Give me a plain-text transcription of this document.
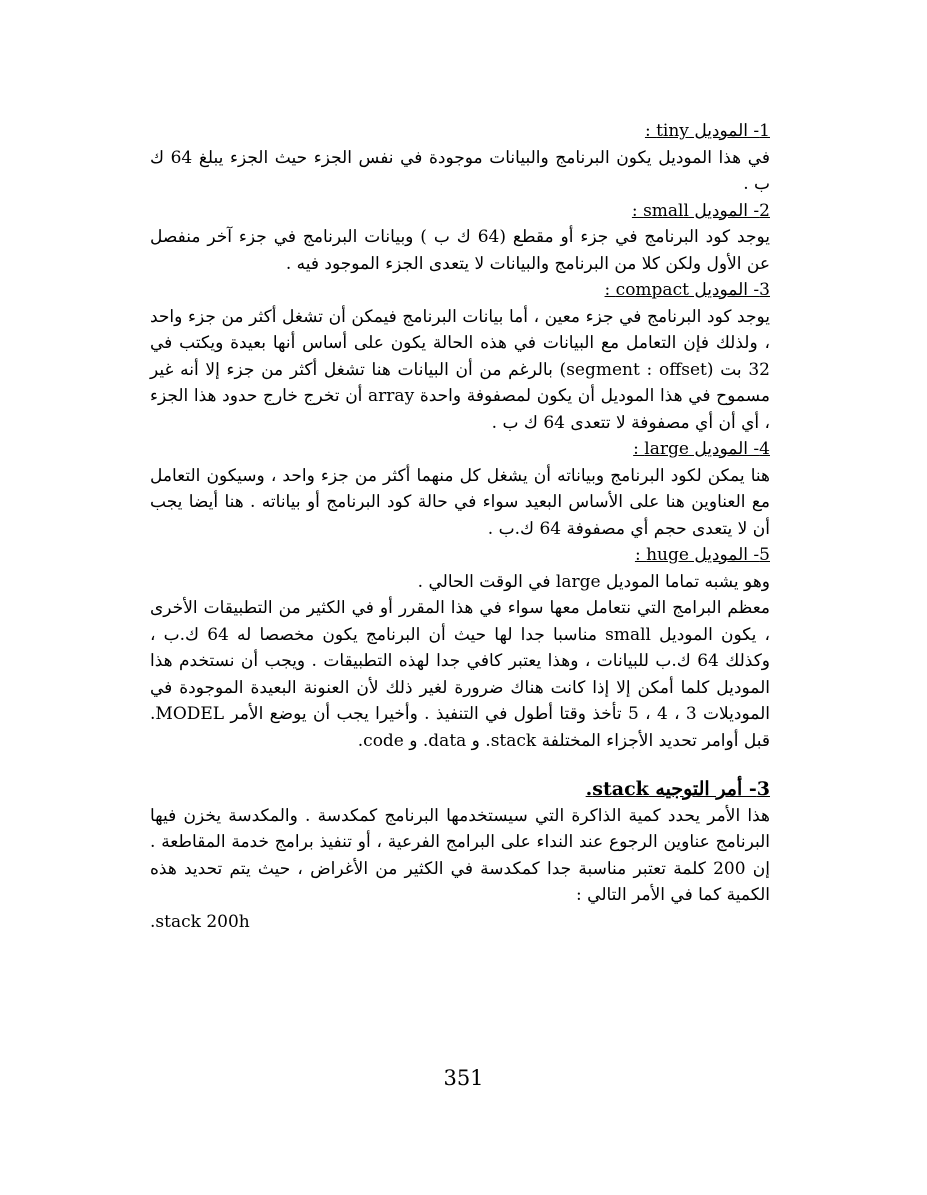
1- الموديل tiny :
في هذا الموديل يكون البرنامج والبيانات موجودة في نفس الجزء حيث الجزء يبلغ 64 ك ب .
2- الموديل small :
يوجد كود البرنامج في جزء أو مقطع (64 ك ب ) وبيانات البرنامج في جزء آخر منفصل عن الأول ولكن كلا من البرنامج والبيانات لا يتعدى الجزء الموجود فيه .
3- الموديل compact :
يوجد كود البرنامج في جزء معين ، أما بيانات البرنامج فيمكن أن تشغل أكثر من جزء واحد ، ولذلك فإن التعامل مع البيانات في هذه الحالة يكون على أساس أنها بعيدة ويكتب في 32 بت (segment : offset) بالرغم من أن البيانات هنا تشغل أكثر من جزء إلا أنه غير مسموح في هذا الموديل أن يكون لمصفوفة واحدة array أن تخرج خارج حدود هذا الجزء ، أي أن أي مصفوفة لا تتعدى 64 ك ب .
4- الموديل large :
هنا يمكن لكود البرنامج وبياناته أن يشغل كل منهما أكثر من جزء واحد ، وسيكون التعامل مع العناوين هنا على الأساس البعيد سواء في حالة كود البرنامج أو بياناته . هنا أيضا يجب أن لا يتعدى حجم أي مصفوفة 64 ك.ب .
5- الموديل huge :
وهو يشبه تماما الموديل large في الوقت الحالي .
معظم البرامج التي نتعامل معها سواء في هذا المقرر أو في الكثير من التطبيقات الأخرى ، يكون الموديل small مناسبا جدا لها حيث أن البرنامج يكون مخصصا له 64 ك.ب ، وكذلك 64 ك.ب للبيانات ، وهذا يعتبر كافي جدا لهذه التطبيقات . ويجب أن نستخدم هذا الموديل كلما أمكن إلا إذا كانت هناك ضرورة لغير ذلك لأن العنونة البعيدة الموجودة في الموديلات 3 ، 4 ، 5 تأخذ وقتا أطول في التنفيذ . وأخيرا يجب أن يوضع الأمر MODEL. قبل أوامر تحديد الأجزاء المختلفة stack. و data. و code.
3- أمر التوجيه stack.
هذا الأمر يحدد كمية الذاكرة التي سيستخدمها البرنامج كمكدسة . والمكدسة يخزن فيها البرنامج عناوين الرجوع عند النداء على البرامج الفرعية ، أو تنفيذ برامج خدمة المقاطعة . إن 200 كلمة تعتبر مناسبة جدا كمكدسة في الكثير من الأغراض ، حيث يتم تحديد هذه الكمية كما في الأمر التالي :
.stack 200h
351
